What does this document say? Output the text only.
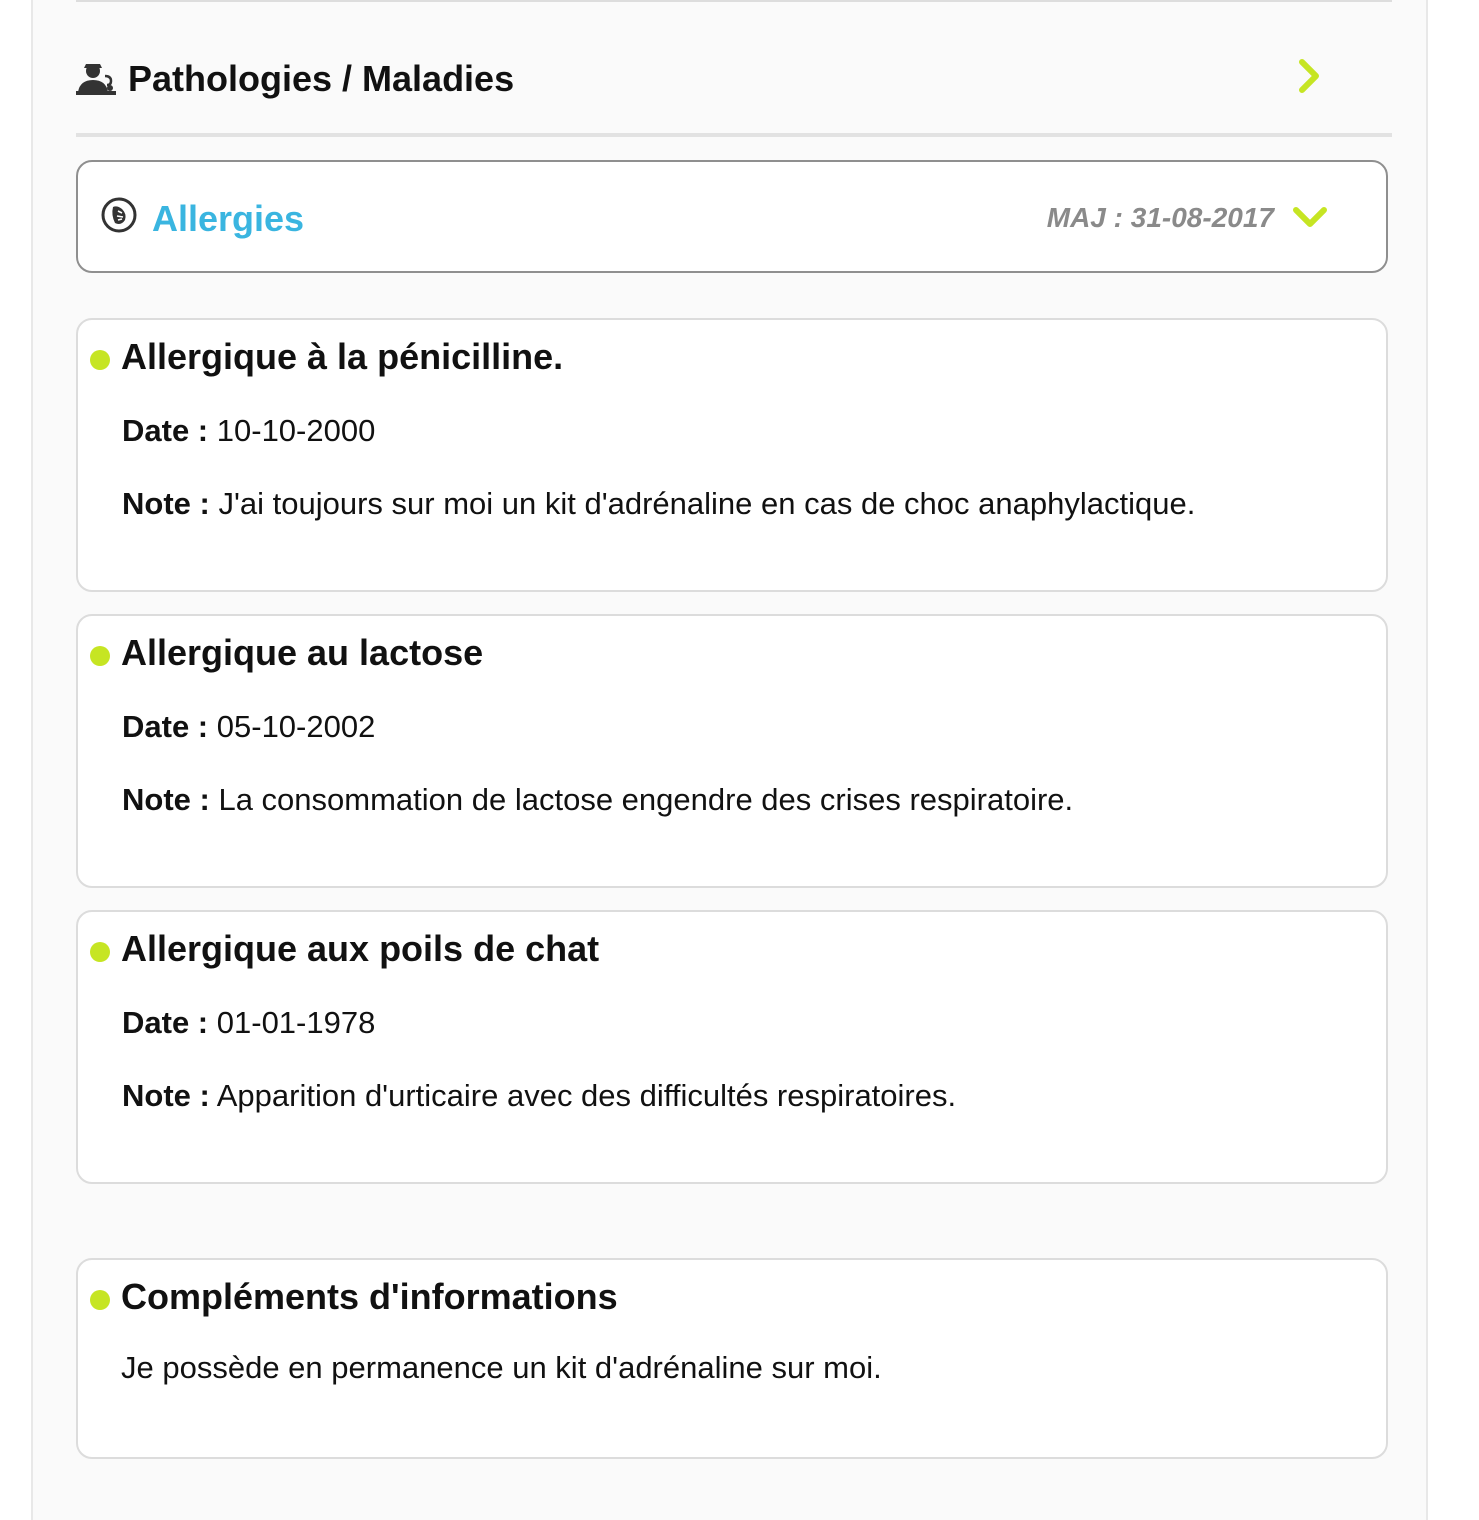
Pathologies / Maladies
Allergies	MAJ : 31-08-2017
Allergique à la pénicilline.
Date : 10-10-2000
Note : J'ai toujours sur moi un kit d'adrénaline en cas de choc anaphylactique.
Allergique au lactose
Date : 05-10-2002
Note : La consommation de lactose engendre des crises respiratoire.
Allergique aux poils de chat
Date : 01-01-1978
Note : Apparition d'urticaire avec des difficultés respiratoires.
Compléments d'informations
Je possède en permanence un kit d'adrénaline sur moi.
